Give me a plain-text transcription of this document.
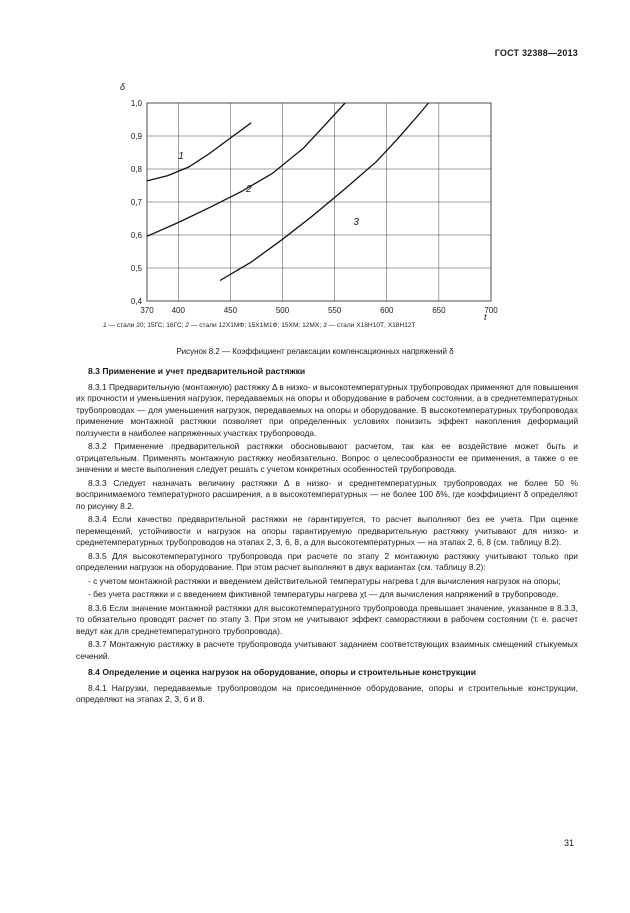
ГОСТ 32388—2013
δ
t
370 400	450	500	550	600	650	700
0,4
0,5
0,6
0,7
0,8
0,9
1,0
1
2
3
1 — стали 20; 15ГС; 16ГС; 2 — стали 12Х1МФ; 15Х1М1Ф; 15ХМ; 12МХ; 3 — стали Х18Н10Т; Х18Н12Т
Рисунок 8.2 — Коэффициент релаксации компенсационных напряжений δ
8.3 Применение и учет предварительной растяжки

8.3.1 Предварительную (монтажную) растяжку Δ в низко- и высокотемпературных трубопроводах применяют для повышения их прочности и уменьшения нагрузок, передаваемых на опоры и оборудование в рабочем состоянии, а в среднетемпературных трубопроводах — для уменьшения нагрузок, передаваемых на опоры и оборудование. В высокотемпературных трубопроводах применение монтажной растяжки позволяет при определенных условиях понизить эффект накопления деформаций ползучести в наиболее напряженных участках трубопровода.

8.3.2 Применение предварительной растяжки обосновывают расчетом, так как ее воздействие может быть и отрицательным. Применять монтажную растяжку необязательно. Вопрос о целесообразности ее применения, а также о ее значении и месте выполнения следует решать с учетом конкретных особенностей трубопровода.

8.3.3 Следует назначать величину растяжки Δ в низко- и среднетемпературных трубопроводах не более 50 % воспринимаемого температурного расширения, а в высокотемпературных — не более 100 δ%, где коэффициент δ определяют по рисунку 8.2.

8.3.4 Если качество предварительной растяжки не гарантируется, то расчет выполняют без ее учета. При оценке перемещений, устойчивости и нагрузок на опоры гарантируемую предварительную растяжку учитывают для низко- и среднетемпературных трубопроводов на этапах 2, 3, 6, 8, а для высокотемпературных — на этапах 2, 6, 8 (см. таблицу 8.2).

8.3.5 Для высокотемпературного трубопровода при расчете по этапу 2 монтажную растяжку учитывают только при определении нагрузок на оборудование. При этом расчет выполняют в двух вариантах (см. таблицу 8.2):

- с учетом монтажной растяжки и введением действительной температуры нагрева t для вычисления нагрузок на опоры;

- без учета растяжки и с введением фиктивной температуры нагрева χt — для вычисления напряжений в трубопроводе.

8.3.6 Если значение монтажной растяжки для высокотемпературного трубопровода превышает значение, указанное в 8.3.3, то обязательно проводят расчет по этапу 3. При этом не учитывают эффект саморастяжки в рабочем состоянии (т. е. расчет ведут как для среднетемпературного трубопровода).

8.3.7 Монтажную растяжку в расчете трубопровода учитывают заданием соответствующих взаимных смещений стыкуемых сечений.

8.4 Определение и оценка нагрузок на оборудование, опоры и строительные конструкции

8.4.1 Нагрузки, передаваемые трубопроводом на присоединенное оборудование, опоры и строительные конструкции, определяют на этапах 2, 3, 6 и 8.

31
